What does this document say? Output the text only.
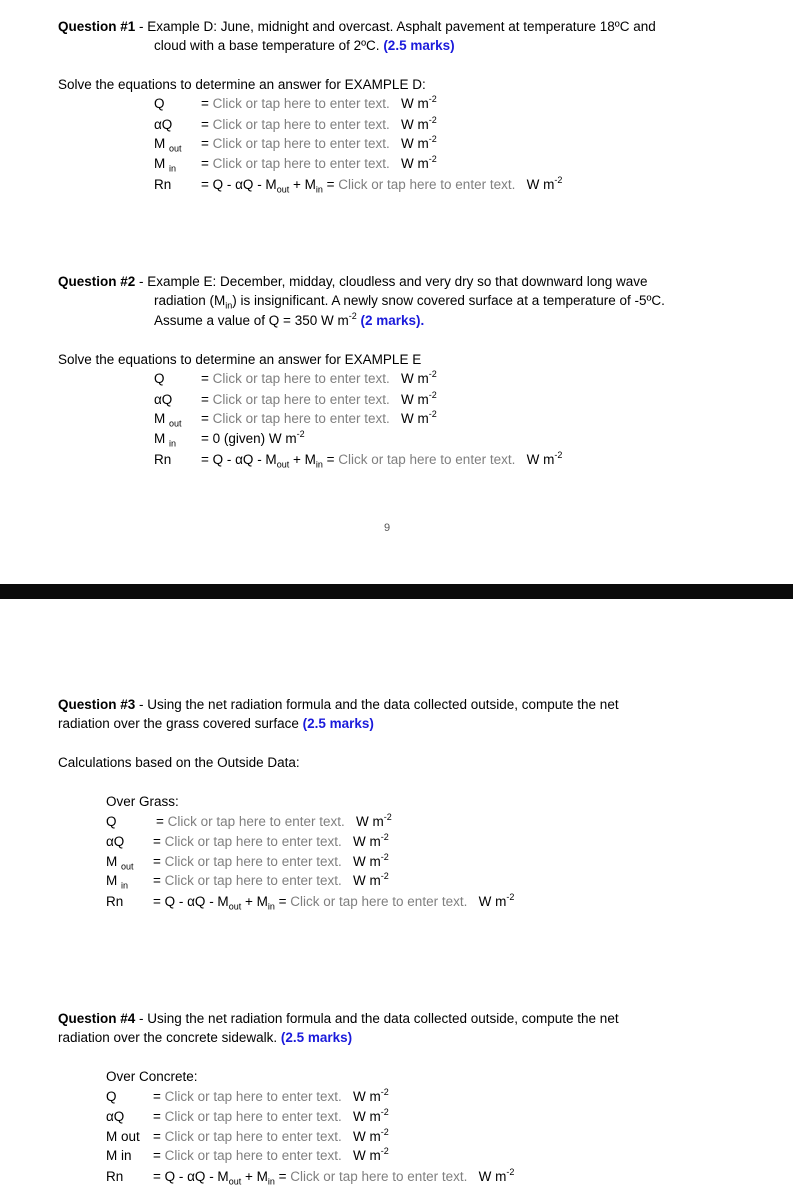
Question #1 - Example D: June, midnight and overcast. Asphalt pavement at temperature 18ºC and
cloud with a base temperature of 2ºC. (2.5 marks)
Solve the equations to determine an answer for EXAMPLE D:
Q	= Click or tap here to enter text. W $m^{-2}$
αQ = Click or tap here to enter text. W $m^{-2}$
M $_{out}$ = Click or tap here to enter text. W $m^{-2}$
M $_{in}$ = Click or tap here to enter text. W $m^{-2}$
$Rn = Q - \alpha Q - M_{out} + M_{in}$ = Click or tap here to enter text. W $m^{-2}$
Question #2 - Example E: December, midday, cloudless and very dry so that downward long wave
radiation $(M_{in})$ is insignificant. A newly snow covered surface at a temperature of -5ºC.
Assume a value of Q = 350 W $m^{-2}$ (2 marks).
Solve the equations to determine an answer for EXAMPLE E
Q	= Click or tap here to enter text. W $m^{-2}$
αQ = Click or tap here to enter text. W $m^{-2}$
M $_{out}$ = Click or tap here to enter text. W $m^{-2}$
M $_{in}$ = 0 (given) W $m^{-2}$
$Rn = Q - \alpha Q - M_{out} + M_{in}$ = Click or tap here to enter text. W $m^{-2}$
9
Question #3 - Using the net radiation formula and the data collected outside, compute the net
radiation over the grass covered surface (2.5 marks)
Calculations based on the Outside Data:
Over Grass:
Q	= Click or tap here to enter text. W $m^{-2}$
αQ = Click or tap here to enter text. W $m^{-2}$
M $_{out}$ = Click or tap here to enter text. W $m^{-2}$
M $_{in}$ = Click or tap here to enter text. W $m^{-2}$
$Rn = Q - \alpha Q - M_{out} + M_{in}$ = Click or tap here to enter text. W $m^{-2}$
Question #4 - Using the net radiation formula and the data collected outside, compute the net
radiation over the concrete sidewalk. (2.5 marks)
Over Concrete:
Q	= Click or tap here to enter text. W $m^{-2}$
αQ = Click or tap here to enter text. W $m^{-2}$
M out = Click or tap here to enter text. W $m^{-2}$
M in = Click or tap here to enter text. W $m^{-2}$
$Rn = Q - \alpha Q - M_{out} + M_{in}$ = Click or tap here to enter text. W $m^{-2}$
